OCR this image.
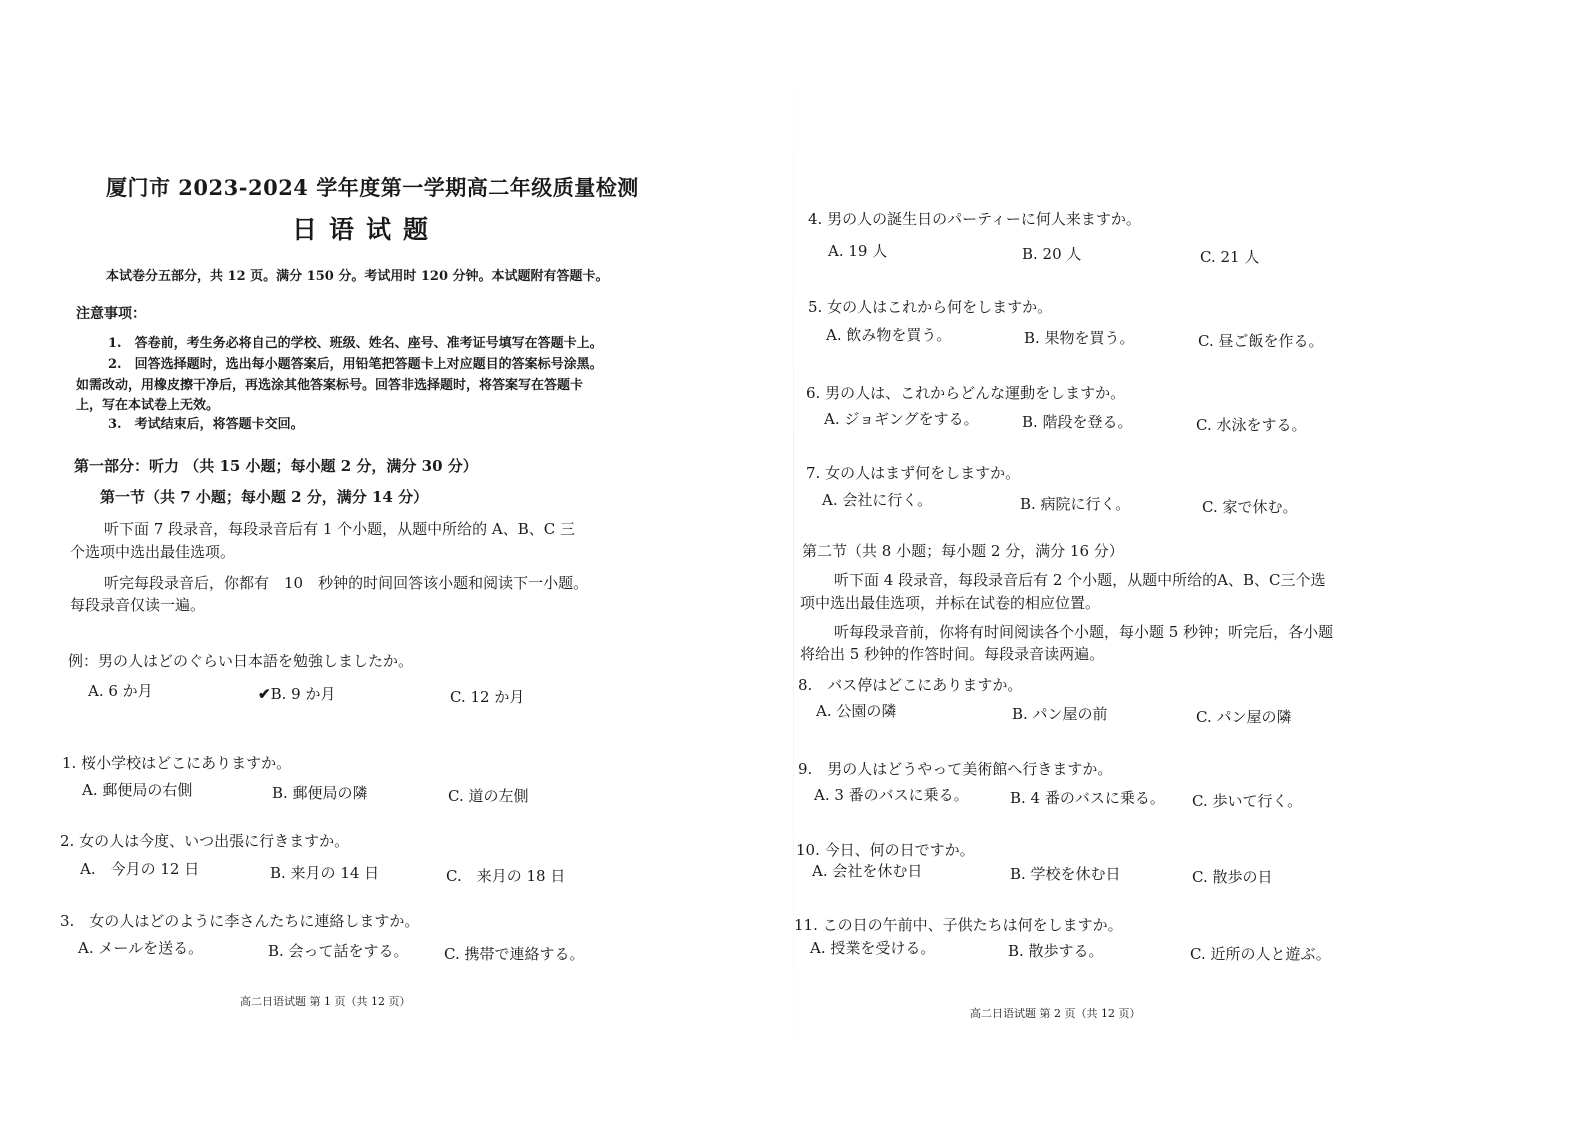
厦门市 2023-2024 学年度第一学期高二年级质量检测
日语试题
本试卷分五部分，共 12 页。满分 150 分。考试用时 120 分钟。本试题附有答题卡。
注意事项：
1.　答卷前，考生务必将自己的学校、班级、姓名、座号、准考证号填写在答题卡上。
2.　回答选择题时，选出每小题答案后，用铅笔把答题卡上对应题目的答案标号涂黑。
如需改动，用橡皮擦干净后，再选涂其他答案标号。回答非选择题时，将答案写在答题卡
上，写在本试卷上无效。
3.　考试结束后，将答题卡交回。
第一部分：听力 （共 15 小题；每小题 2 分，满分 30 分）
第一节（共 7 小题；每小题 2 分，满分 14 分）
听下面 7 段录音，每段录音后有 1 个小题，从题中所给的 A、B、C 三
个选项中选出最佳选项。
听完每段录音后，你都有　10　秒钟的时间回答该小题和阅读下一小题。
每段录音仅读一遍。
例：男の人はどのぐらい日本語を勉強しましたか。
A. 6 か月	✔B. 9 か月	C. 12 か月
1. 桜小学校はどこにありますか。
A. 郵便局の右側	B. 郵便局の隣	C. 道の左側
2. 女の人は今度、いつ出張に行きますか。
A.　今月の 12 日	B. 来月の 14 日	C.　来月の 18 日
3.　女の人はどのように李さんたちに連絡しますか。
A. メールを送る。	B. 会って話をする。 C. 携帯で連絡する。
高二日语试题 第 1 页（共 12 页）
4. 男の人の誕生日のパーティーに何人来ますか。
A. 19 人	B. 20 人	C. 21 人
5. 女の人はこれから何をしますか。
A. 飲み物を買う。	B. 果物を買う。	C. 昼ご飯を作る。
6. 男の人は、これからどんな運動をしますか。
A. ジョギングをする。	B. 階段を登る。	C. 水泳をする。
7. 女の人はまず何をしますか。
A. 会社に行く。	B. 病院に行く。	C. 家で休む。
第二节（共 8 小题；每小题 2 分，满分 16 分）
听下面 4 段录音，每段录音后有 2 个小题，从题中所给的A、B、C三个选
项中选出最佳选项，并标在试卷的相应位置。
听每段录音前，你将有时间阅读各个小题，每小题 5 秒钟；听完后，各小题
将给出 5 秒钟的作答时间。每段录音读两遍。
8.　バス停はどこにありますか。
A. 公園の隣	B. パン屋の前	C. パン屋の隣
9.　男の人はどうやって美術館へ行きますか。
A. 3 番のバスに乗る。	B. 4 番のバスに乗る。 C. 歩いて行く。
10. 今日、何の日ですか。
A. 会社を休む日	B. 学校を休む日	C. 散歩の日
11. この日の午前中、子供たちは何をしますか。
A. 授業を受ける。	B. 散歩する。	C. 近所の人と遊ぶ。
高二日语试题 第 2 页（共 12 页）
